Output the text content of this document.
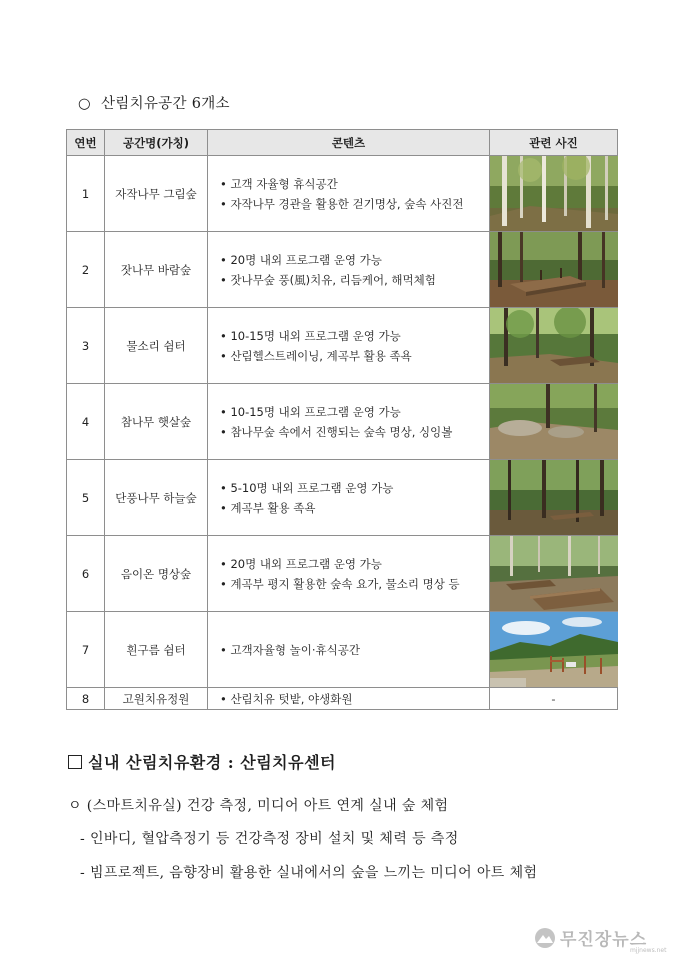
○ 산림치유공간 6개소
연번	공간명(가칭)	콘텐츠	관련 사진
1	자작나무 그림숲	• 고객 자율형 휴식공간
• 자작나무 경관을 활용한 걷기명상, 숲속 사진전

2	잣나무 바람숲	• 20명 내외 프로그램 운영 가능
• 잣나무숲 풍(風)치유, 리듬케어, 해먹체험

3	물소리 쉼터	• 10-15명 내외 프로그램 운영 가능
• 산림헬스트레이닝, 계곡부 활용 족욕

4	참나무 햇살숲	• 10-15명 내외 프로그램 운영 가능
• 참나무숲 속에서 진행되는 숲속 명상, 싱잉볼

5	단풍나무 하늘숲	• 5-10명 내외 프로그램 운영 가능
• 계곡부 활용 족욕

6	음이온 명상숲	• 20명 내외 프로그램 운영 가능
• 계곡부 평지 활용한 숲속 요가, 물소리 명상 등

7	흰구름 쉼터	• 고객자율형 놀이·휴식공간

8	고원치유정원	• 산림치유 텃밭, 야생화원	-
실내 산림치유환경 : 산림치유센터
ㅇ (스마트치유실) 건강 측정, 미디어 아트 연계 실내 숲 체험
- 인바디, 혈압측정기 등 건강측정 장비 설치 및 체력 등 측정
- 빔프로젝트, 음향장비 활용한 실내에서의 숲을 느끼는 미디어 아트 체험
무진장뉴스
mjjnews.net
